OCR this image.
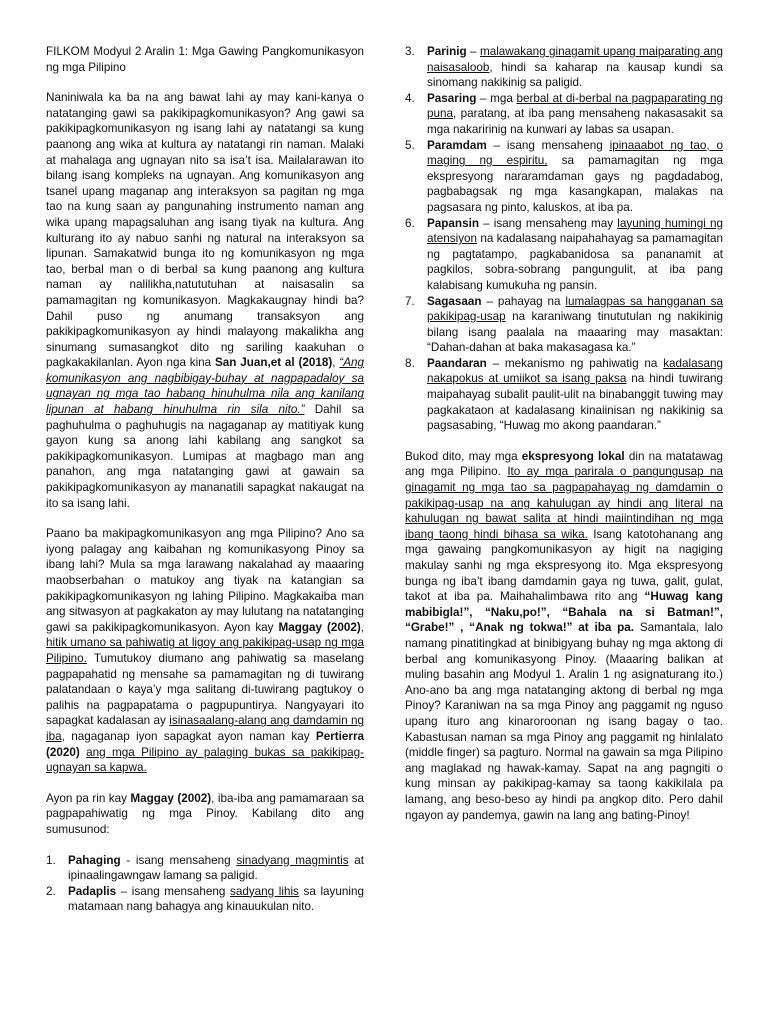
FILKOM Modyul 2 Aralin 1: Mga Gawing Pangkomunikasyon ng mga Pilipino

Naniniwala ka ba na ang bawat lahi ay may kani-kanya o natatanging gawi sa pakikipagkomunikasyon? Ang gawi sa pakikipagkomunikasyon ng isang lahi ay natatangi sa kung paanong ang wika at kultura ay natatangi rin naman. Malaki at mahalaga ang ugnayan nito sa isa’t isa. Mailalarawan ito bilang isang kompleks na ugnayan. Ang komunikasyon ang tsanel upang maganap ang interaksyon sa pagitan ng mga tao na kung saan ay pangunahing instrumento naman ang wika upang mapagsaluhan ang isang tiyak na kultura. Ang kulturang ito ay nabuo sanhi ng natural na interaksyon sa lipunan. Samakatwid bunga ito ng komunikasyon ng mga tao, berbal man o di berbal sa kung paanong ang kultura naman ay nalilikha,natututuhan at naisasalin sa pamamagitan ng komunikasyon. Magkakaugnay hindi ba? Dahil puso ng anumang transaksyon ang pakikipagkomunikasyon ay hindi malayong makalikha ang sinumang sumasangkot dito ng sariling kaakuhan o pagkakakilanlan. Ayon nga kina San Juan,et al (2018), “Ang komunikasyon ang nagbibigay-buhay at nagpapadaloy sa ugnayan ng mga tao habang hinuhulma nila ang kanilang lipunan at habang hinuhulma rin sila nito.” Dahil sa paghuhulma o paghuhugis na nagaganap ay matitiyak kung gayon kung sa anong lahi kabilang ang sangkot sa pakikipagkomunikasyon. Lumipas at magbago man ang panahon, ang mga natatanging gawi at gawain sa pakikipagkomunikasyon ay mananatili sapagkat nakaugat na ito sa isang lahi.

Paano ba makipagkomunikasyon ang mga Pilipino? Ano sa iyong palagay ang kaibahan ng komunikasyong Pinoy sa ibang lahi? Mula sa mga larawang nakalahad ay maaaring maobserbahan o matukoy ang tiyak na katangian sa pakikipagkomunikasyon ng lahing Pilipino. Magkakaiba man ang sitwasyon at pagkakaton ay may lulutang na natatanging gawi sa pakikipagkomunikasyon. Ayon kay Maggay (2002), hitik umano sa pahiwatig at ligoy ang pakikipag-usap ng mga Pilipino. Tumutukoy diumano ang pahiwatig sa maselang pagpapahatid ng mensahe sa pamamagitan ng di tuwirang palatandaan o kaya’y mga salitang di-tuwirang pagtukoy o palihis na pagpapatama o pagpupuntirya. Nangyayari ito sapagkat kadalasan ay isinasaalang-alang ang damdamin ng iba, nagaganap iyon sapagkat ayon naman kay Pertierra (2020) ang mga Pilipino ay palaging bukas sa pakikipag-ugnayan sa kapwa.

Ayon pa rin kay Maggay (2002), iba-iba ang pamamaraan sa pagpapahiwatig ng mga Pinoy. Kabilang dito ang sumusunod:

1. Pahaging - isang mensaheng sinadyang magmintis at ipinaalingawngaw lamang sa paligid.
2. Padaplis – isang mensaheng sadyang lihis sa layuning matamaan nang bahagya ang kinauukulan nito.
3. Parinig – malawakang ginagamit upang maiparating ang naisasaloob, hindi sa kaharap na kausap kundi sa sinomang nakikinig sa paligid.
4. Pasaring – mga berbal at di-berbal na pagpaparating ng puna, paratang, at iba pang mensaheng nakasasakit sa mga nakaririnig na kunwari ay labas sa usapan.
5. Paramdam – isang mensaheng ipinaaabot ng tao, o maging ng espiritu, sa pamamagitan ng mga ekspresyong nararamdaman gays ng pagdadabog, pagbabagsak ng mga kasangkapan, malakas na pagsasara ng pinto, kaluskos, at iba pa.
6. Papansin – isang mensaheng may layuning humingi ng atensiyon na kadalasang naipahahayag sa pamamagitan ng pagtatampo, pagkabanidosa sa pananamit at pagkilos, sobra-sobrang pangungulit, at iba pang kalabisang kumukuha ng pansin.
7. Sagasaan – pahayag na lumalagpas sa hangganan sa pakikipag-usap na karaniwang tinututulan ng nakikinig bilang isang paalala na maaaring may masaktan: “Dahan-dahan at baka makasagasa ka.”
8. Paandaran – mekanismo ng pahiwatig na kadalasang nakapokus at umiikot sa isang paksa na hindi tuwirang maipahayag subalit paulit-ulit na binabanggit tuwing may pagkakataon at kadalasang kinaiinisan ng nakikinig sa pagsasabing, “Huwag mo akong paandaran.”

Bukod dito, may mga ekspresyong lokal din na matatawag ang mga Pilipino. Ito ay mga parirala o pangungusap na ginagamit ng mga tao sa pagpapahayag ng damdamin o pakikipag-usap na ang kahulugan ay hindi ang literal na kahulugan ng bawat salita at hindi maiintindihan ng mga ibang taong hindi bihasa sa wika. Isang katotohanang ang mga gawaing pangkomunikasyon ay higit na nagiging makulay sanhi ng mga ekspresyong ito. Mga ekspresyong bunga ng iba’t ibang damdamin gaya ng tuwa, galit, gulat, takot at iba pa. Maihahalimbawa rito ang “Huwag kang mabibigla!”, “Naku,po!”, “Bahala na si Batman!”, “Grabe!” , “Anak ng tokwa!” at iba pa. Samantala, lalo namang pinatitingkad at binibigyang buhay ng mga aktong di berbal ang komunikasyong Pinoy. (Maaaring balikan at muling basahin ang Modyul 1. Aralin 1 ng asignaturang ito.) Ano-ano ba ang mga natatanging aktong di berbal ng mga Pinoy? Karaniwan na sa mga Pinoy ang paggamit ng nguso upang ituro ang kinaroroonan ng isang bagay o tao. Kabastusan naman sa mga Pinoy ang paggamit ng hinlalato (middle finger) sa pagturo. Normal na gawain sa mga Pilipino ang maglakad ng hawak-kamay. Sapat na ang pagngiti o kung minsan ay pakikipag-kamay sa taong kakikilala pa lamang, ang beso-beso ay hindi pa angkop dito. Pero dahil ngayon ay pandemya, gawin na lang ang bating-Pinoy!
